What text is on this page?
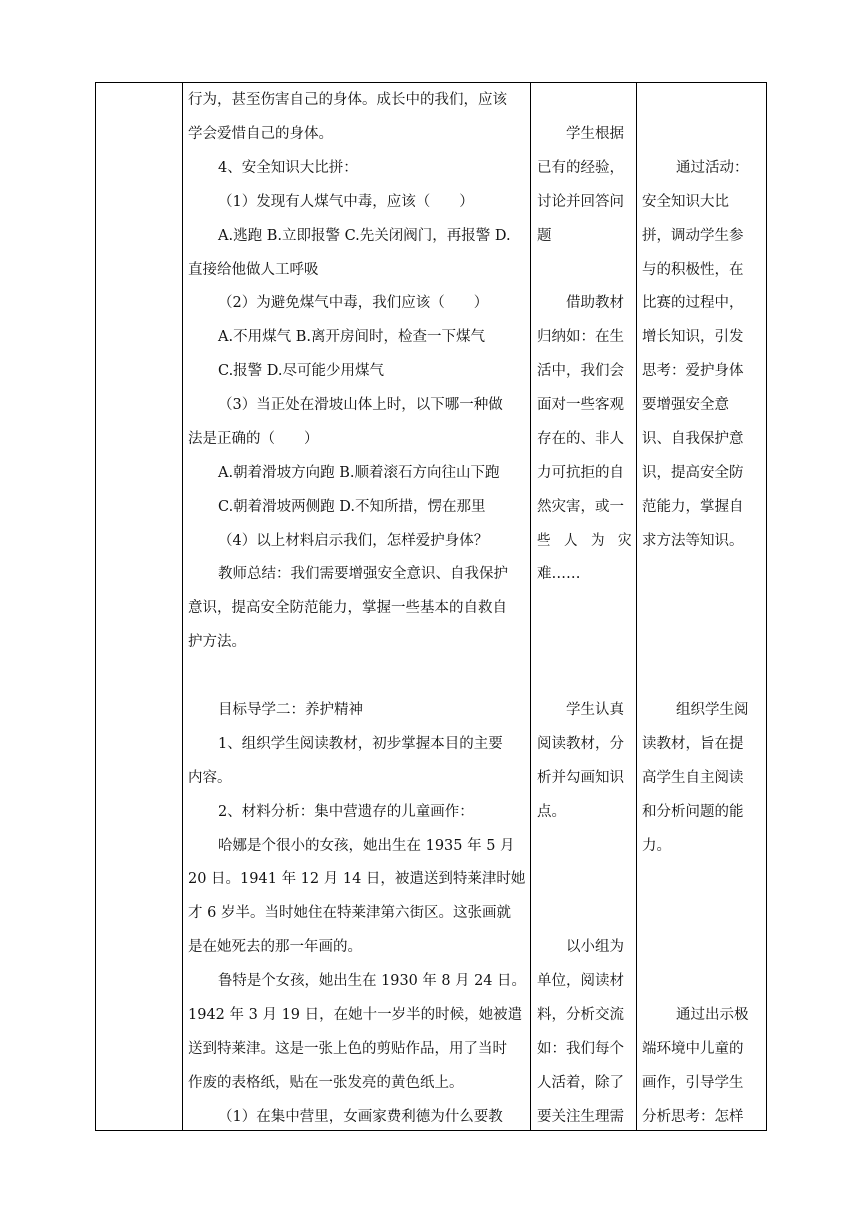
行为，甚至伤害自己的身体。成长中的我们，应该
学会爱惜自己的身体。
4、安全知识大比拼：
（1）发现有人煤气中毒，应该（　　）
A.逃跑 B.立即报警 C.先关闭阀门，再报警 D.
直接给他做人工呼吸
（2）为避免煤气中毒，我们应该（　　）
A.不用煤气 B.离开房间时，检查一下煤气
C.报警 D.尽可能少用煤气
（3）当正处在滑坡山体上时，以下哪一种做
法是正确的（　　）
A.朝着滑坡方向跑 B.顺着滚石方向往山下跑
C.朝着滑坡两侧跑 D.不知所措，愣在那里
（4）以上材料启示我们，怎样爱护身体？
教师总结：我们需要增强安全意识、自我保护
意识，提高安全防范能力，掌握一些基本的自救自
护方法。
目标导学二：养护精神
1、组织学生阅读教材，初步掌握本目的主要
内容。
2、材料分析：集中营遗存的儿童画作：
哈娜是个很小的女孩，她出生在 1935 年 5 月
20 日。1941 年 12 月 14 日，被遣送到特莱津时她
才 6 岁半。当时她住在特莱津第六街区。这张画就
是在她死去的那一年画的。
鲁特是个女孩，她出生在 1930 年 8 月 24 日。
1942 年 3 月 19 日，在她十一岁半的时候，她被遣
送到特莱津。这是一张上色的剪贴作品，用了当时
作废的表格纸，贴在一张发亮的黄色纸上。
（1）在集中营里，女画家费利德为什么要教
学生根据
已有的经验，
讨论并回答问
题
借助教材
归纳如：在生
活中，我们会
面对一些客观
存在的、非人
力可抗拒的自
然灾害，或一
些　人　为　灾
难……
学生认真
阅读教材，分
析并勾画知识
点。
以小组为
单位，阅读材
料，分析交流
如：我们每个
人活着，除了
要关注生理需
通过活动：
安全知识大比
拼，调动学生参
与的积极性，在
比赛的过程中，
增长知识，引发
思考：爱护身体
要增强安全意
识、自我保护意
识，提高安全防
范能力，掌握自
求方法等知识。
组织学生阅
读教材，旨在提
高学生自主阅读
和分析问题的能
力。
通过出示极
端环境中儿童的
画作，引导学生
分析思考：怎样
